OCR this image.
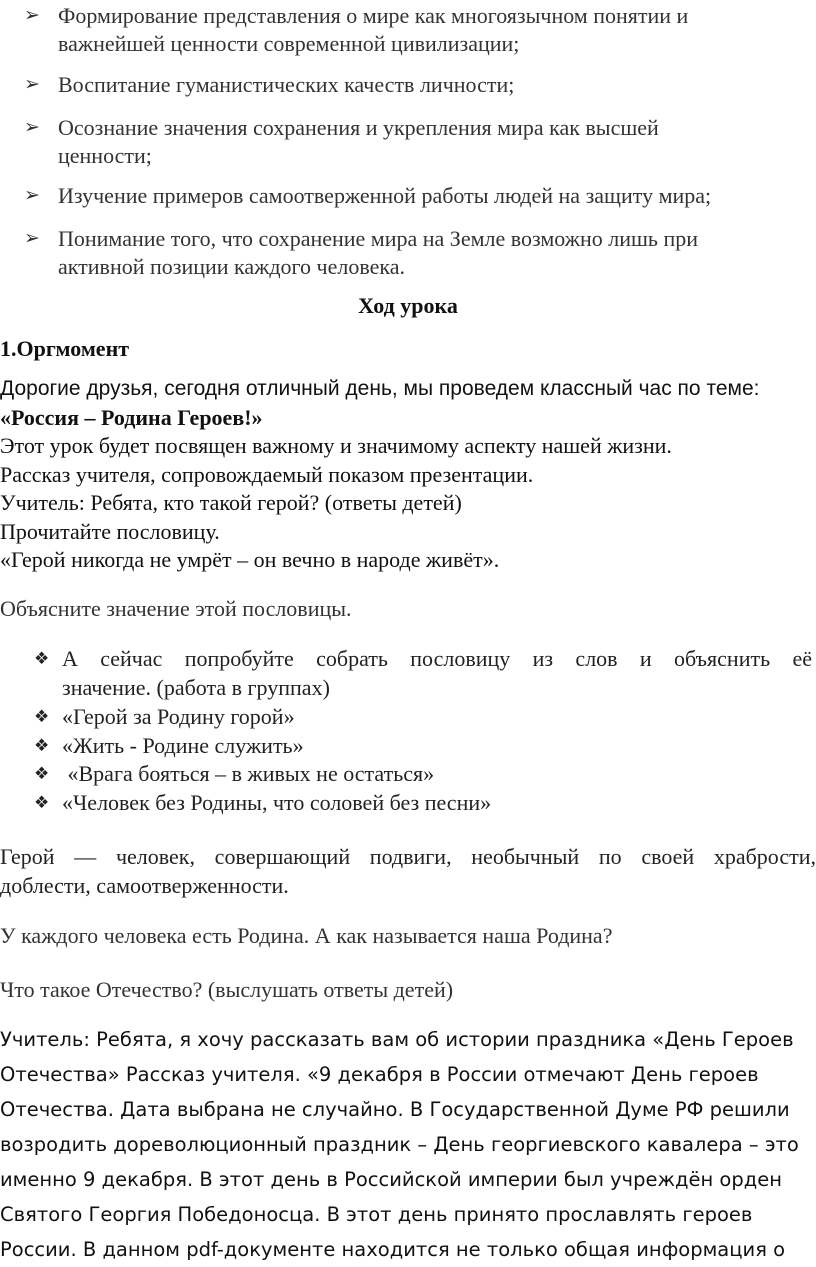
➢ Формирование представления о мире как многоязычном понятии и
важнейшей ценности современной цивилизации;
➢ Воспитание гуманистических качеств личности;
➢ Осознание значения сохранения и укрепления мира как высшей
ценности;
➢ Изучение примеров самоотверженной работы людей на защиту мира;
➢ Понимание того, что сохранение мира на Земле возможно лишь при
активной позиции каждого человека.
Ход урока
1.Оргмомент
Дорогие друзья, сегодня отличный день, мы проведем классный час по теме:
«Россия – Родина Героев!»
Этот урок будет посвящен важному и значимому аспекту нашей жизни.
Рассказ учителя, сопровождаемый показом презентации.
Учитель: Ребята, кто такой герой? (ответы детей)
Прочитайте пословицу.
«Герой никогда не умрёт – он вечно в народе живёт».
Объясните значение этой пословицы.
❖ А сейчас попробуйте собрать пословицу из слов и объяснить её
значение. (работа в группах)
❖ «Герой за Родину горой»
❖ «Жить - Родине служить»
❖ «Врага бояться – в живых не остаться»
❖ «Человек без Родины, что соловей без песни»
Герой — человек, совершающий подвиги, необычный по своей храбрости,
доблести, самоотверженности.
У каждого человека есть Родина. А как называется наша Родина?
Что такое Отечество? (выслушать ответы детей)
Учитель: Ребята, я хочу рассказать вам об истории праздника «День Героев
Отечества» Рассказ учителя. «9 декабря в России отмечают День героев
Отечества. Дата выбрана не случайно. В Государственной Думе РФ решили
возродить дореволюционный праздник – День георгиевского кавалера – это
именно 9 декабря. В этот день в Российской империи был учреждён орден
Святого Георгия Победоносца. В этот день принято прославлять героев
России. В данном pdf-документе находится не только общая информация о
